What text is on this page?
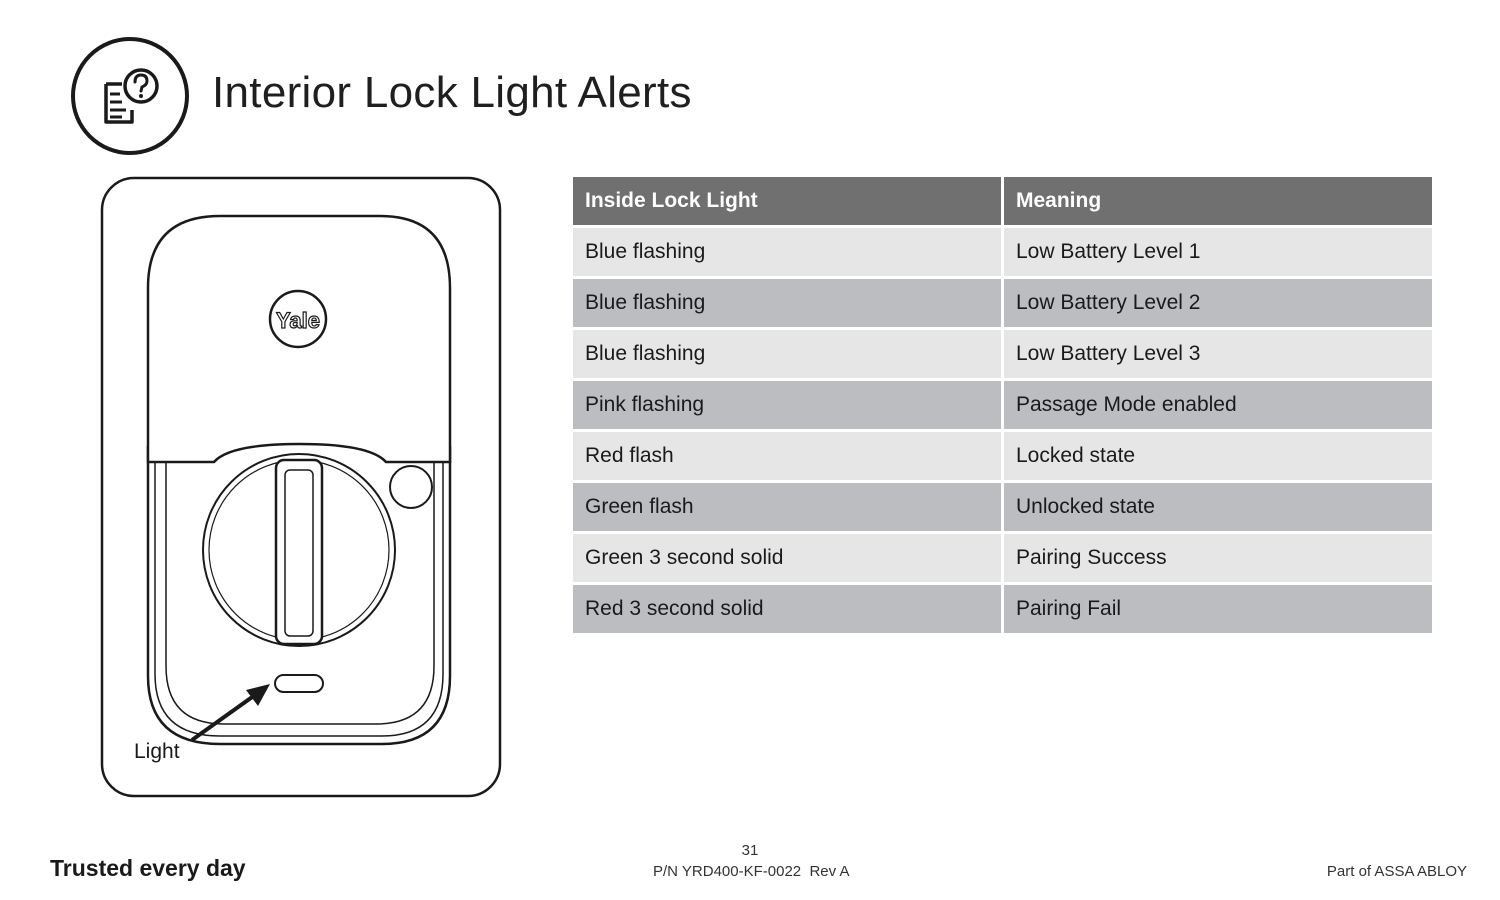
Interior Lock Light Alerts
Yale
Light
Inside Lock Light	Meaning
Blue flashing	Low Battery Level 1
Blue flashing	Low Battery Level 2
Blue flashing	Low Battery Level 3
Pink flashing	Passage Mode enabled
Red flash	Locked state
Green flash	Unlocked state
Green 3 second solid	Pairing Success
Red 3 second solid	Pairing Fail
Trusted every day
31
P/N YRD400-KF-0022  Rev A	Part of ASSA ABLOY
